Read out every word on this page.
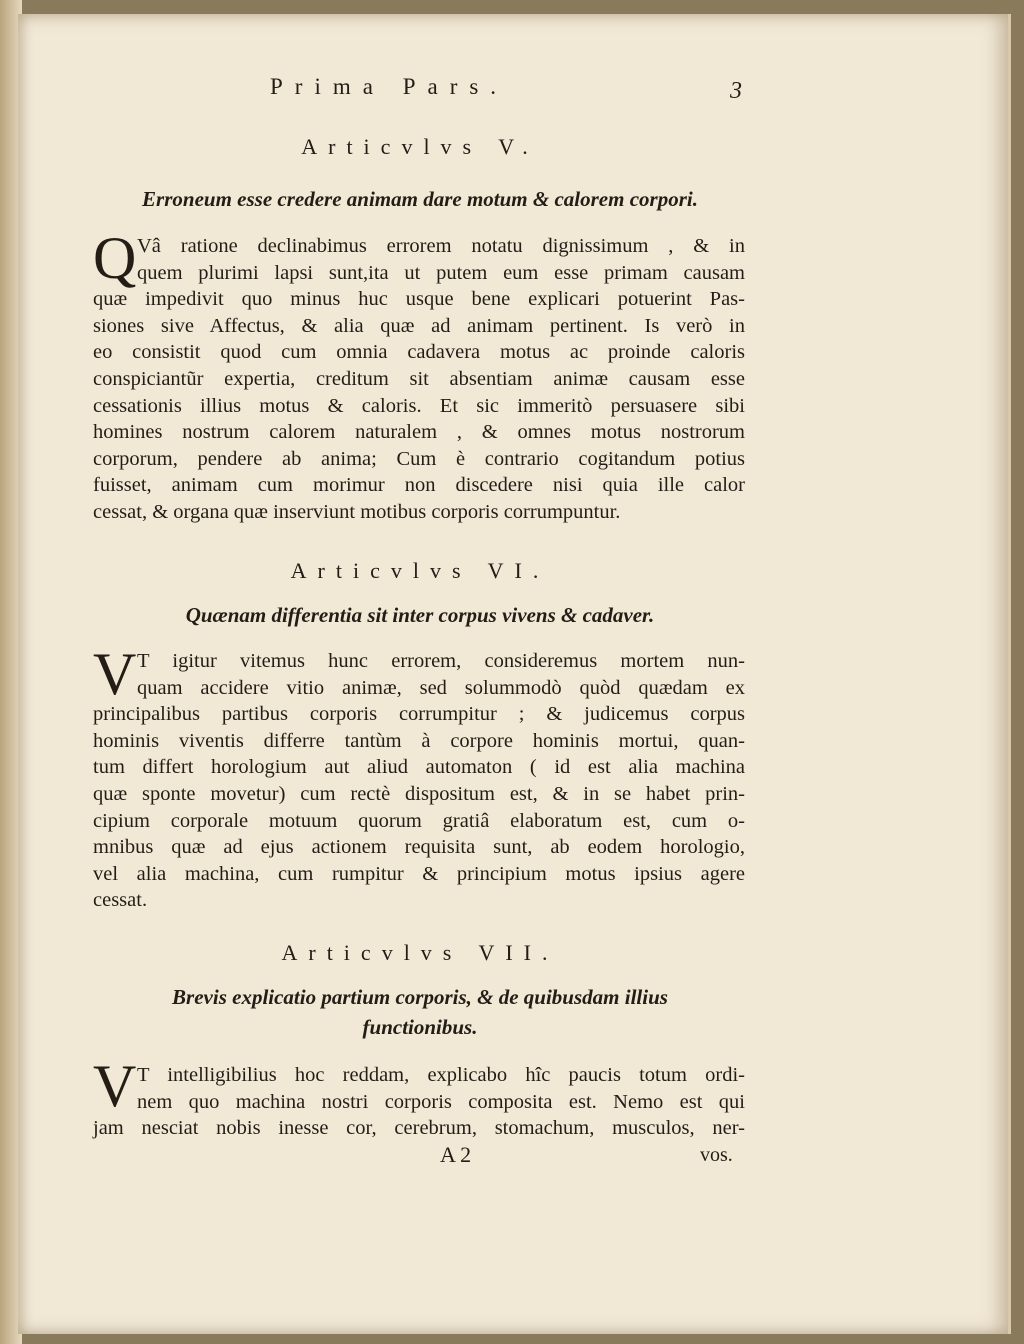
Prima Pars.	3
Articvlvs V.
Erroneum esse credere animam dare motum & calorem corpori.
Q Vâ ratione declinabimus errorem notatu dignissimum , & in
quem plurimi lapsi sunt,ita ut putem eum esse primam causam
quæ impedivit quo minus huc usque bene explicari potuerint Pas-
siones sive Affectus, & alia quæ ad animam pertinent. Is verò in
eo consistit quod cum omnia cadavera motus ac proinde caloris
conspiciantũr expertia, creditum sit absentiam animæ causam esse
cessationis illius motus & caloris. Et sic immeritò persuasere sibi
homines nostrum calorem naturalem , & omnes motus nostrorum
corporum, pendere ab anima; Cum è contrario cogitandum potius
fuisset, animam cum morimur non discedere nisi quia ille calor
cessat, & organa quæ inserviunt motibus corporis corrumpuntur.
Articvlvs VI.
Quænam differentia sit inter corpus vivens & cadaver.
V T igitur vitemus hunc errorem, consideremus mortem nun-
quam accidere vitio animæ, sed solummodò quòd quædam ex
principalibus partibus corporis corrumpitur ; & judicemus corpus
hominis viventis differre tantùm à corpore hominis mortui, quan-
tum differt horologium aut aliud automaton ( id est alia machina
quæ sponte movetur) cum rectè dispositum est, & in se habet prin-
cipium corporale motuum quorum gratiâ elaboratum est, cum o-
mnibus quæ ad ejus actionem requisita sunt, ab eodem horologio,
vel alia machina, cum rumpitur & principium motus ipsius agere
cessat.
Articvlvs VII.
Brevis explicatio partium corporis, & de quibusdam illius
functionibus.
V T intelligibilius hoc reddam, explicabo hîc paucis totum ordi-
nem quo machina nostri corporis composita est. Nemo est qui
jam nesciat nobis inesse cor, cerebrum, stomachum, musculos, ner-
A 2	vos.
